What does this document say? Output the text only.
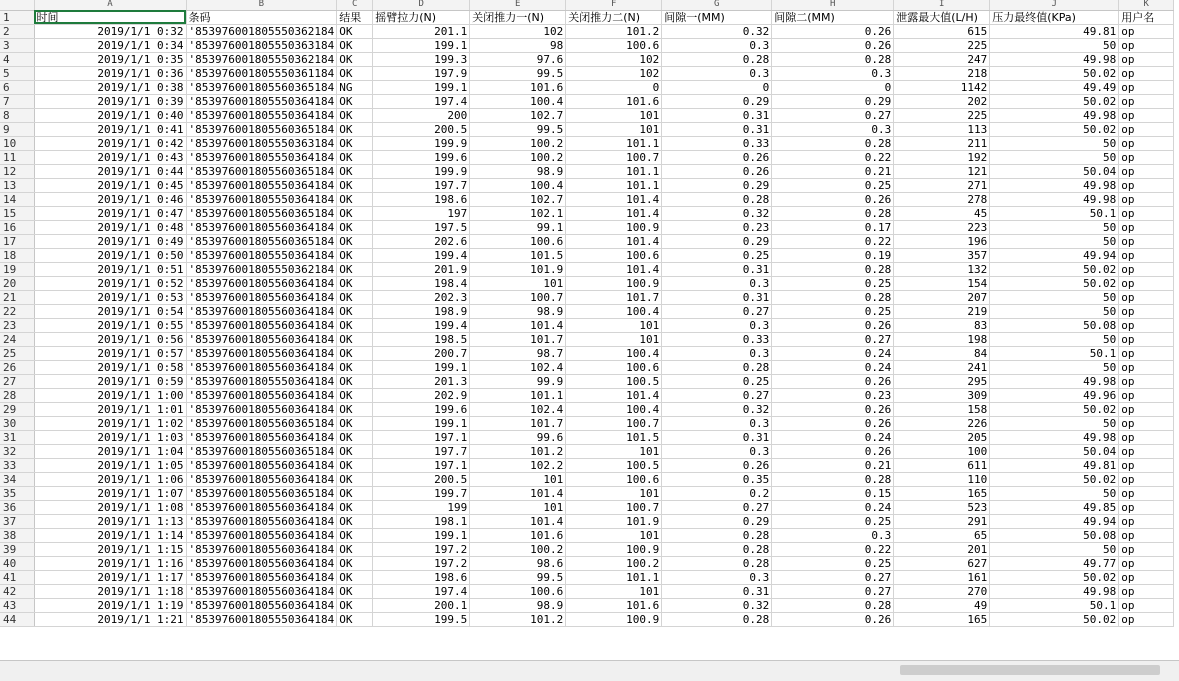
	A	B	C	D	E	F	G	H	I	J	K
1	时间	条码	结果	摇臂拉力(N)	关闭推力一(N)	关闭推力二(N)	间隙一(MM)	间隙二(MM)	泄露最大值(L/H)	压力最终值(KPa)	用户名
2	2019/1/1 0:32	'853976001805550362184	OK	201.1	102	101.2	0.32	0.26	615	49.81	op
3	2019/1/1 0:34	'853976001805550363184	OK	199.1	98	100.6	0.3	0.26	225	50	op
4	2019/1/1 0:35	'853976001805550362184	OK	199.3	97.6	102	0.28	0.28	247	49.98	op
5	2019/1/1 0:36	'853976001805550361184	OK	197.9	99.5	102	0.3	0.3	218	50.02	op
6	2019/1/1 0:38	'853976001805560365184	NG	199.1	101.6	0	0	0	1142	49.49	op
7	2019/1/1 0:39	'853976001805550364184	OK	197.4	100.4	101.6	0.29	0.29	202	50.02	op
8	2019/1/1 0:40	'853976001805550364184	OK	200	102.7	101	0.31	0.27	225	49.98	op
9	2019/1/1 0:41	'853976001805560365184	OK	200.5	99.5	101	0.31	0.3	113	50.02	op
10	2019/1/1 0:42	'853976001805550363184	OK	199.9	100.2	101.1	0.33	0.28	211	50	op
11	2019/1/1 0:43	'853976001805550364184	OK	199.6	100.2	100.7	0.26	0.22	192	50	op
12	2019/1/1 0:44	'853976001805560365184	OK	199.9	98.9	101.1	0.26	0.21	121	50.04	op
13	2019/1/1 0:45	'853976001805550364184	OK	197.7	100.4	101.1	0.29	0.25	271	49.98	op
14	2019/1/1 0:46	'853976001805550364184	OK	198.6	102.7	101.4	0.28	0.26	278	49.98	op
15	2019/1/1 0:47	'853976001805560365184	OK	197	102.1	101.4	0.32	0.28	45	50.1	op
16	2019/1/1 0:48	'853976001805560364184	OK	197.5	99.1	100.9	0.23	0.17	223	50	op
17	2019/1/1 0:49	'853976001805560365184	OK	202.6	100.6	101.4	0.29	0.22	196	50	op
18	2019/1/1 0:50	'853976001805550364184	OK	199.4	101.5	100.6	0.25	0.19	357	49.94	op
19	2019/1/1 0:51	'853976001805550362184	OK	201.9	101.9	101.4	0.31	0.28	132	50.02	op
20	2019/1/1 0:52	'853976001805560364184	OK	198.4	101	100.9	0.3	0.25	154	50.02	op
21	2019/1/1 0:53	'853976001805560364184	OK	202.3	100.7	101.7	0.31	0.28	207	50	op
22	2019/1/1 0:54	'853976001805560364184	OK	198.9	98.9	100.4	0.27	0.25	219	50	op
23	2019/1/1 0:55	'853976001805560364184	OK	199.4	101.4	101	0.3	0.26	83	50.08	op
24	2019/1/1 0:56	'853976001805560364184	OK	198.5	101.7	101	0.33	0.27	198	50	op
25	2019/1/1 0:57	'853976001805560364184	OK	200.7	98.7	100.4	0.3	0.24	84	50.1	op
26	2019/1/1 0:58	'853976001805560364184	OK	199.1	102.4	100.6	0.28	0.24	241	50	op
27	2019/1/1 0:59	'853976001805550364184	OK	201.3	99.9	100.5	0.25	0.26	295	49.98	op
28	2019/1/1 1:00	'853976001805560364184	OK	202.9	101.1	101.4	0.27	0.23	309	49.96	op
29	2019/1/1 1:01	'853976001805560364184	OK	199.6	102.4	100.4	0.32	0.26	158	50.02	op
30	2019/1/1 1:02	'853976001805560365184	OK	199.1	101.7	100.7	0.3	0.26	226	50	op
31	2019/1/1 1:03	'853976001805560364184	OK	197.1	99.6	101.5	0.31	0.24	205	49.98	op
32	2019/1/1 1:04	'853976001805560365184	OK	197.7	101.2	101	0.3	0.26	100	50.04	op
33	2019/1/1 1:05	'853976001805560364184	OK	197.1	102.2	100.5	0.26	0.21	611	49.81	op
34	2019/1/1 1:06	'853976001805560364184	OK	200.5	101	100.6	0.35	0.28	110	50.02	op
35	2019/1/1 1:07	'853976001805560365184	OK	199.7	101.4	101	0.2	0.15	165	50	op
36	2019/1/1 1:08	'853976001805560364184	OK	199	101	100.7	0.27	0.24	523	49.85	op
37	2019/1/1 1:13	'853976001805560364184	OK	198.1	101.4	101.9	0.29	0.25	291	49.94	op
38	2019/1/1 1:14	'853976001805560364184	OK	199.1	101.6	101	0.28	0.3	65	50.08	op
39	2019/1/1 1:15	'853976001805560364184	OK	197.2	100.2	100.9	0.28	0.22	201	50	op
40	2019/1/1 1:16	'853976001805560364184	OK	197.2	98.6	100.2	0.28	0.25	627	49.77	op
41	2019/1/1 1:17	'853976001805560364184	OK	198.6	99.5	101.1	0.3	0.27	161	50.02	op
42	2019/1/1 1:18	'853976001805560364184	OK	197.4	100.6	101	0.31	0.27	270	49.98	op
43	2019/1/1 1:19	'853976001805560364184	OK	200.1	98.9	101.6	0.32	0.28	49	50.1	op
44	2019/1/1 1:21	'853976001805550364184	OK	199.5	101.2	100.9	0.28	0.26	165	50.02	op
